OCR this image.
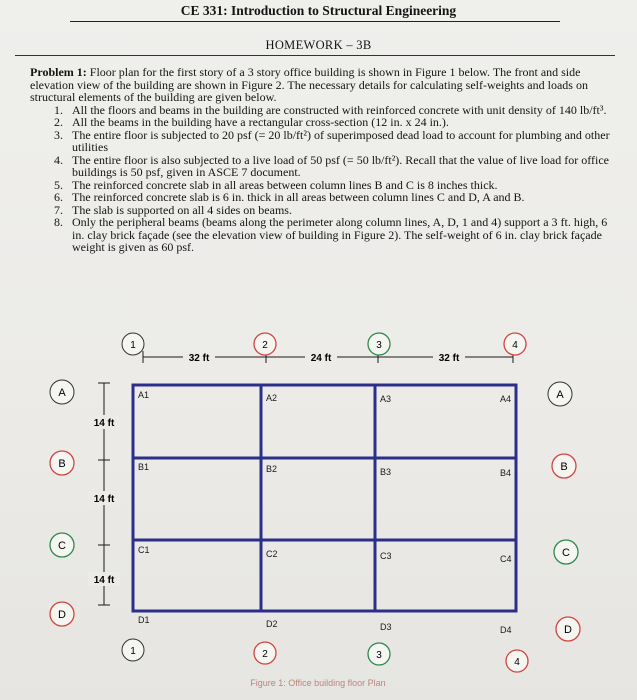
CE 331: Introduction to Structural Engineering
HOMEWORK – 3B
Problem 1: Floor plan for the first story of a 3 story office building is shown in Figure 1 below. The front and side elevation view of the building are shown in Figure 2. The necessary details for calculating self-weights and loads on structural elements of the building are given below.
1. All the floors and beams in the building are constructed with reinforced concrete with unit density of 140 lb/ft³.
2. All the beams in the building have a rectangular cross-section (12 in. x 24 in.).
3. The entire floor is subjected to 20 psf (= 20 lb/ft²) of superimposed dead load to account for plumbing and other utilities
4. The entire floor is also subjected to a live load of 50 psf (= 50 lb/ft²). Recall that the value of live load for office buildings is 50 psf, given in ASCE 7 document.
5. The reinforced concrete slab in all areas between column lines B and C is 8 inches thick.
6. The reinforced concrete slab is 6 in. thick in all areas between column lines C and D, A and B.
7. The slab is supported on all 4 sides on beams.
8. Only the peripheral beams (beams along the perimeter along column lines, A, D, 1 and 4) support a 3 ft. high, 6 in. clay brick façade (see the elevation view of building in Figure 2). The self-weight of 6 in. clay brick façade weight is given as 60 psf.
32 ft	24 ft	32 ft
14 ft
14 ft
14 ft
1	2	3	4
1	2	3
4
A
B
C
D
A
B
C
D
A1	A2	A3	A4
B1	B2	B3	B4
C1	C2	C3	C4
D1	D2	D3	D4
Figure 1: Office building floor Plan
